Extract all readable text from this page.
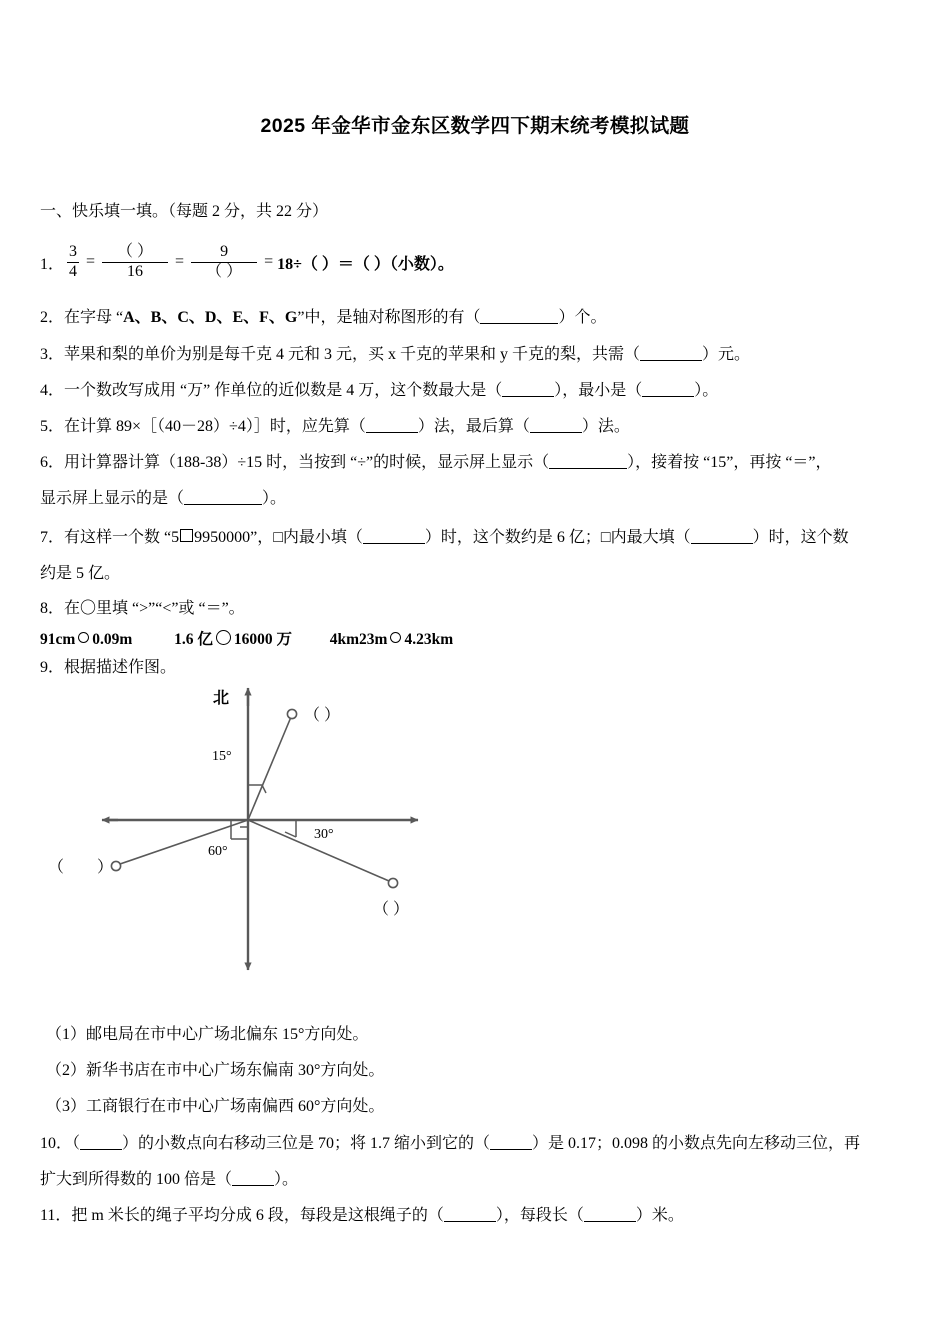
2025 年金华市金东区数学四下期末统考模拟试题
一、快乐填一填。（每题 2 分，共 22 分）
1． $\frac{3}{4} = \frac{( )}{16} = \frac{9}{( )} = 18\div$（ ）＝（ ）（小数）。
2．在字母 “A、B、C、D、E、F、G”中，是轴对称图形的有（	）个。
3．苹果和梨的单价为别是每千克 4 元和 3 元，买 x 千克的苹果和 y 千克的梨，共需（	）元。
4．一个数改写成用 “万” 作单位的近似数是 4 万，这个数最大是（	），最小是（	）。
5．在计算 89×［（40－28）÷4）］时，应先算（	）法，最后算（	）法。
6．用计算器计算（188-38）÷15 时，当按到 “÷”的时候，显示屏上显示（	），接着按 “15”，再按 “＝”，
显示屏上显示的是（	）。
7．有这样一个数 “5 9950000”，□内最小填（	）时，这个数约是 6 亿；□内最大填（	）时，这个数
约是 5 亿。
8．在〇里填 “>”“<”或 “＝”。
91cm 0.09m	1.6 亿 16000 万 4km23m 4.23km
9．根据描述作图。
北
15°
30°
60°
（ ）
（ ）
（ ）
（1）邮电局在市中心广场北偏东 15°方向处。
（2）新华书店在市中心广场东偏南 30°方向处。
（3）工商银行在市中心广场南偏西 60°方向处。
10．（	）的小数点向右移动三位是 70；将 1.7 缩小到它的（	）是 0.17；0.098 的小数点先向左移动三位，再
扩大到所得数的 100 倍是（	）。
11．把 m 米长的绳子平均分成 6 段，每段是这根绳子的（	），每段长（	）米。
